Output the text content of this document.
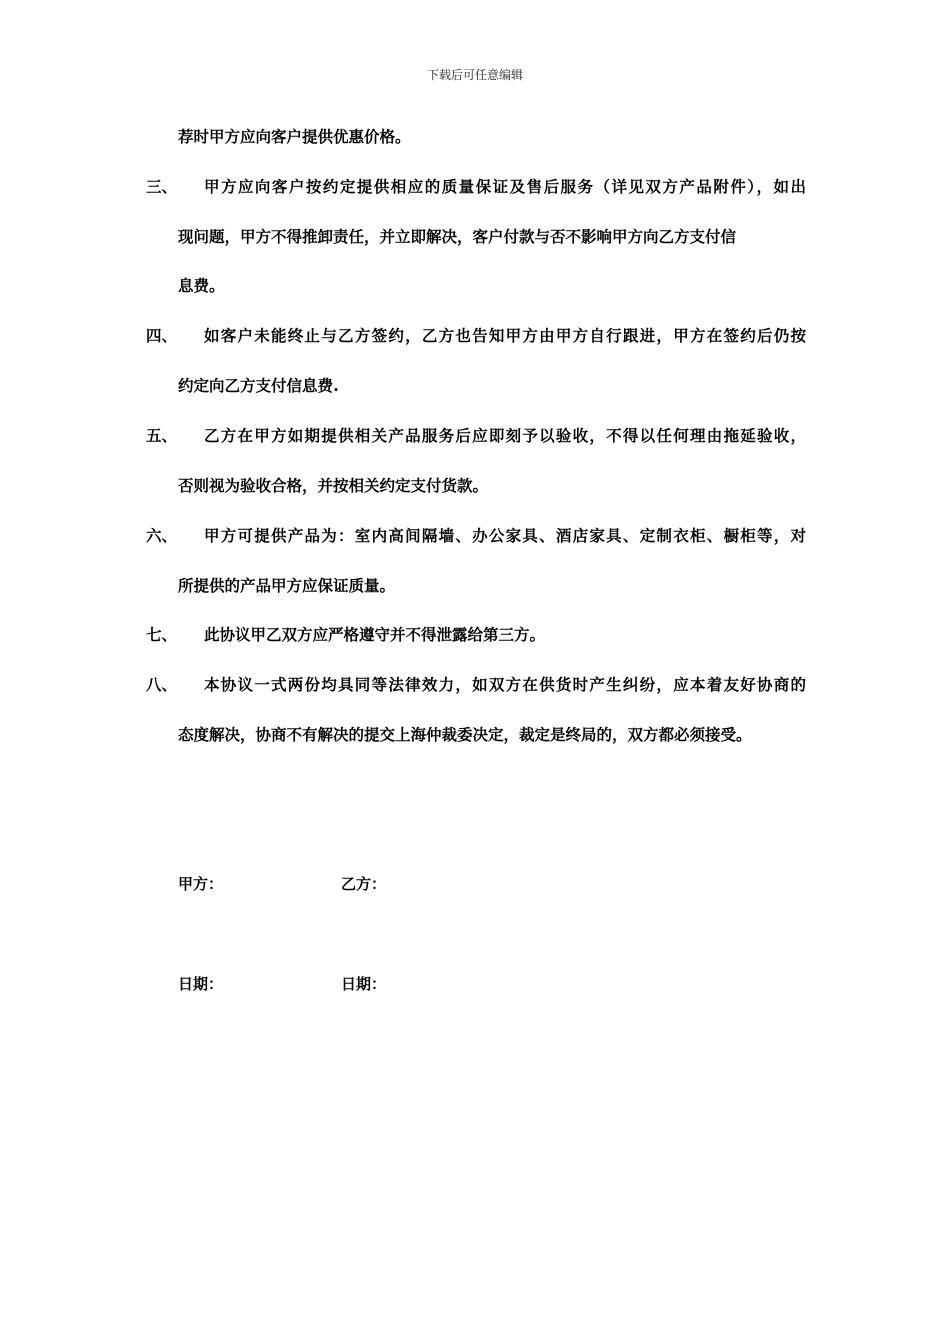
下载后可任意编辑
荐时甲方应向客户提供优惠价格。
三、 甲方应向客户按约定提供相应的质量保证及售后服务（详见双方产品附件），如出
现问题，甲方不得推卸责任，并立即解决，客户付款与否不影响甲方向乙方支付信
息费。
四、 如客户未能终止与乙方签约，乙方也告知甲方由甲方自行跟进，甲方在签约后仍按
约定向乙方支付信息费.
五、 乙方在甲方如期提供相关产品服务后应即刻予以验收，不得以任何理由拖延验收，
否则视为验收合格，并按相关约定支付货款。
六、 甲方可提供产品为：室内高间隔墙、办公家具、酒店家具、定制衣柜、橱柜等，对
所提供的产品甲方应保证质量。
七、 此协议甲乙双方应严格遵守并不得泄露给第三方。
八、 本协议一式两份均具同等法律效力，如双方在供货时产生纠纷，应本着友好协商的
态度解决，协商不有解决的提交上海仲裁委决定，裁定是终局的，双方都必须接受。
甲方：	乙方：
日期：	日期：
